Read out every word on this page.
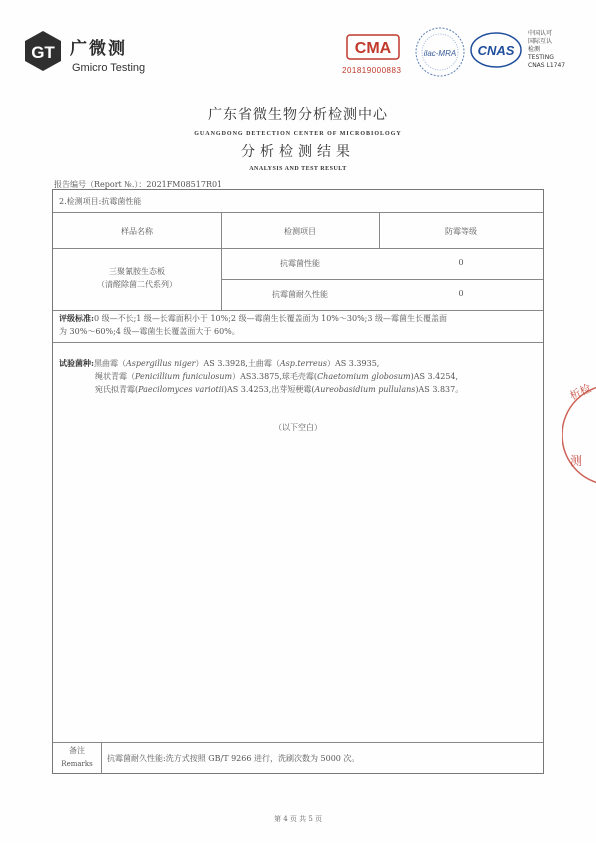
GT 广微测
Gmicro Testing
CMA
201819000883
ilac-MRA CNAS
中国认可
国际互认
检测
TESTING
CNAS L1747
广东省微生物分析检测中心
GUANGDONG DETECTION CENTER OF MICROBIOLOGY
分析检测结果
ANALYSIS AND TEST RESULT
报告编号（Report №.）：2021FM08517R01
2.检测项目:抗霉菌性能
样品名称	检测项目	防霉等级
三聚氰胺生态板
（清醛除菌二代系列）
抗霉菌性能	0
抗霉菌耐久性能	0
评级标准:0 级—不长;1 级—长霉面积小于 10%;2 级—霉菌生长覆盖面为 10%～30%;3 级—霉菌生长覆盖面
为 30%～60%;4 级—霉菌生长覆盖面大于 60%。
试验菌种:黑曲霉（Aspergillus niger）AS 3.3928,土曲霉（Asp.terreus）AS 3.3935,
绳状青霉（Penicillium funiculosum）AS3.3875,球毛壳霉(Chaetomium globosum)AS 3.4254,
宛氏拟青霉(Paecilomyces variotii)AS 3.4253,出芽短梗霉(Aureobasidium pullulans)AS 3.837。
（以下空白）
备注
Remarks
抗霉菌耐久性能:洗方式按照 GB/T 9266 进行，洗刷次数为 5000 次。
析检
测
第 4 页 共 5 页
